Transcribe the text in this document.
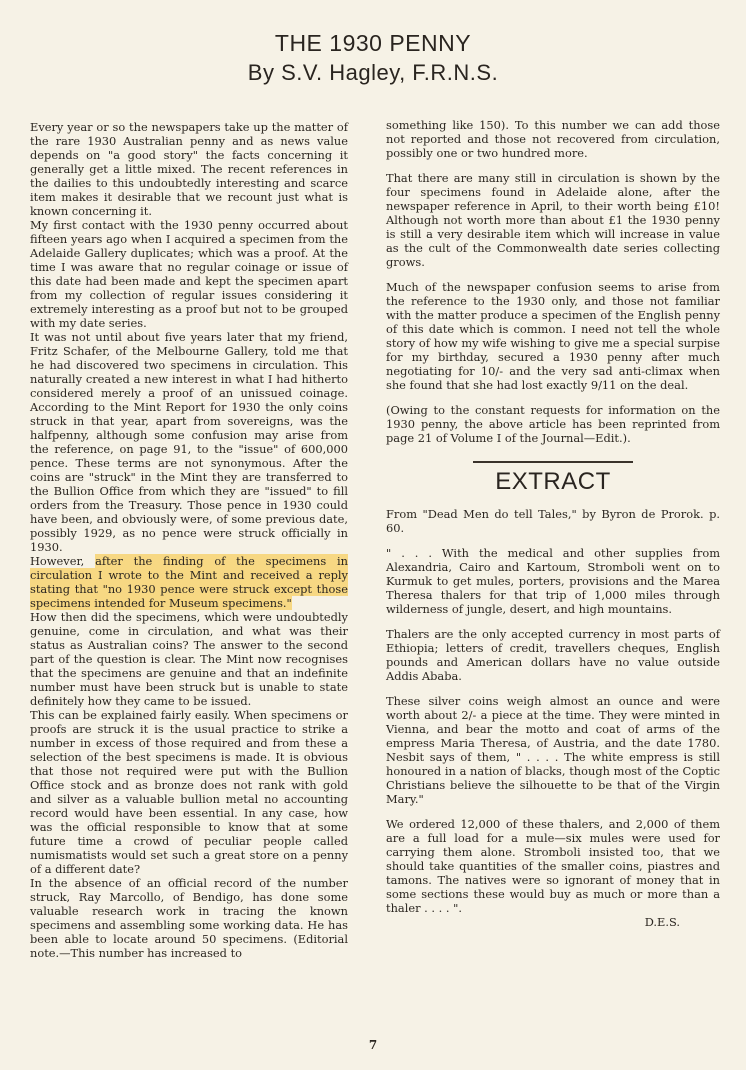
THE 1930 PENNY
By S.V. Hagley, F.R.N.S.

Every year or so the newspapers take up the matter of the rare 1930 Australian penny and as news value depends on "a good story" the facts concerning it generally get a little mixed. The recent references in the dailies to this undoubtedly interesting and scarce item makes it desirable that we recount just what is known concerning it.

My first contact with the 1930 penny occurred about fifteen years ago when I acquired a specimen from the Adelaide Gallery duplicates; which was a proof. At the time I was aware that no regular coinage or issue of this date had been made and kept the specimen apart from my collection of regular issues considering it extremely interesting as a proof but not to be grouped with my date series.

It was not until about five years later that my friend, Fritz Schafer, of the Melbourne Gallery, told me that he had discovered two specimens in circulation. This naturally created a new interest in what I had hitherto considered merely a proof of an unissued coinage. According to the Mint Report for 1930 the only coins struck in that year, apart from sovereigns, was the halfpenny, although some confusion may arise from the reference, on page 91, to the "issue" of 600,000 pence. These terms are not synonymous. After the coins are "struck" in the Mint they are transferred to the Bullion Office from which they are "issued" to fill orders from the Treasury. Those pence in 1930 could have been, and obviously were, of some previous date, possibly 1929, as no pence were struck officially in 1930.

However, after the finding of the specimens in circulation I wrote to the Mint and received a reply stating that "no 1930 pence were struck except those specimens intended for Museum specimens."

How then did the specimens, which were undoubtedly genuine, come in circulation, and what was their status as Australian coins? The answer to the second part of the question is clear. The Mint now recognises that the specimens are genuine and that an indefinite number must have been struck but is unable to state definitely how they came to be issued.

This can be explained fairly easily. When specimens or proofs are struck it is the usual practice to strike a number in excess of those required and from these a selection of the best specimens is made. It is obvious that those not required were put with the Bullion Office stock and as bronze does not rank with gold and silver as a valuable bullion metal no accounting record would have been essential. In any case, how was the official responsible to know that at some future time a crowd of peculiar people called numismatists would set such a great store on a penny of a different date?

In the absence of an official record of the number struck, Ray Marcollo, of Bendigo, has done some valuable research work in tracing the known specimens and assembling some working data. He has been able to locate around 50 specimens. (Editorial note.—This number has increased to

something like 150). To this number we can add those not reported and those not recovered from circulation, possibly one or two hundred more.

That there are many still in circulation is shown by the four specimens found in Adelaide alone, after the newspaper reference in April, to their worth being £10! Although not worth more than about £1 the 1930 penny is still a very desirable item which will increase in value as the cult of the Commonwealth date series collecting grows.

Much of the newspaper confusion seems to arise from the reference to the 1930 only, and those not familiar with the matter produce a specimen of the English penny of this date which is common. I need not tell the whole story of how my wife wishing to give me a special surpise for my birthday, secured a 1930 penny after much negotiating for 10/- and the very sad anti-climax when she found that she had lost exactly 9/11 on the deal.

(Owing to the constant requests for information on the 1930 penny, the above article has been reprinted from page 21 of Volume I of the Journal—Edit.).

EXTRACT

From "Dead Men do tell Tales," by Byron de Prorok. p. 60.

" . . . With the medical and other supplies from Alexandria, Cairo and Kartoum, Stromboli went on to Kurmuk to get mules, porters, provisions and the Marea Theresa thalers for that trip of 1,000 miles through wilderness of jungle, desert, and high mountains.

Thalers are the only accepted currency in most parts of Ethiopia; letters of credit, travellers cheques, English pounds and American dollars have no value outside Addis Ababa.

These silver coins weigh almost an ounce and were worth about 2/- a piece at the time. They were minted in Vienna, and bear the motto and coat of arms of the empress Maria Theresa, of Austria, and the date 1780. Nesbit says of them, " . . . . The white empress is still honoured in a nation of blacks, though most of the Coptic Christians believe the silhouette to be that of the Virgin Mary."

We ordered 12,000 of these thalers, and 2,000 of them are a full load for a mule—six mules were used for carrying them alone. Stromboli insisted too, that we should take quantities of the smaller coins, piastres and tamons. The natives were so ignorant of money that in some sections these would buy as much or more than a thaler . . . . ".
D.E.S.

7
